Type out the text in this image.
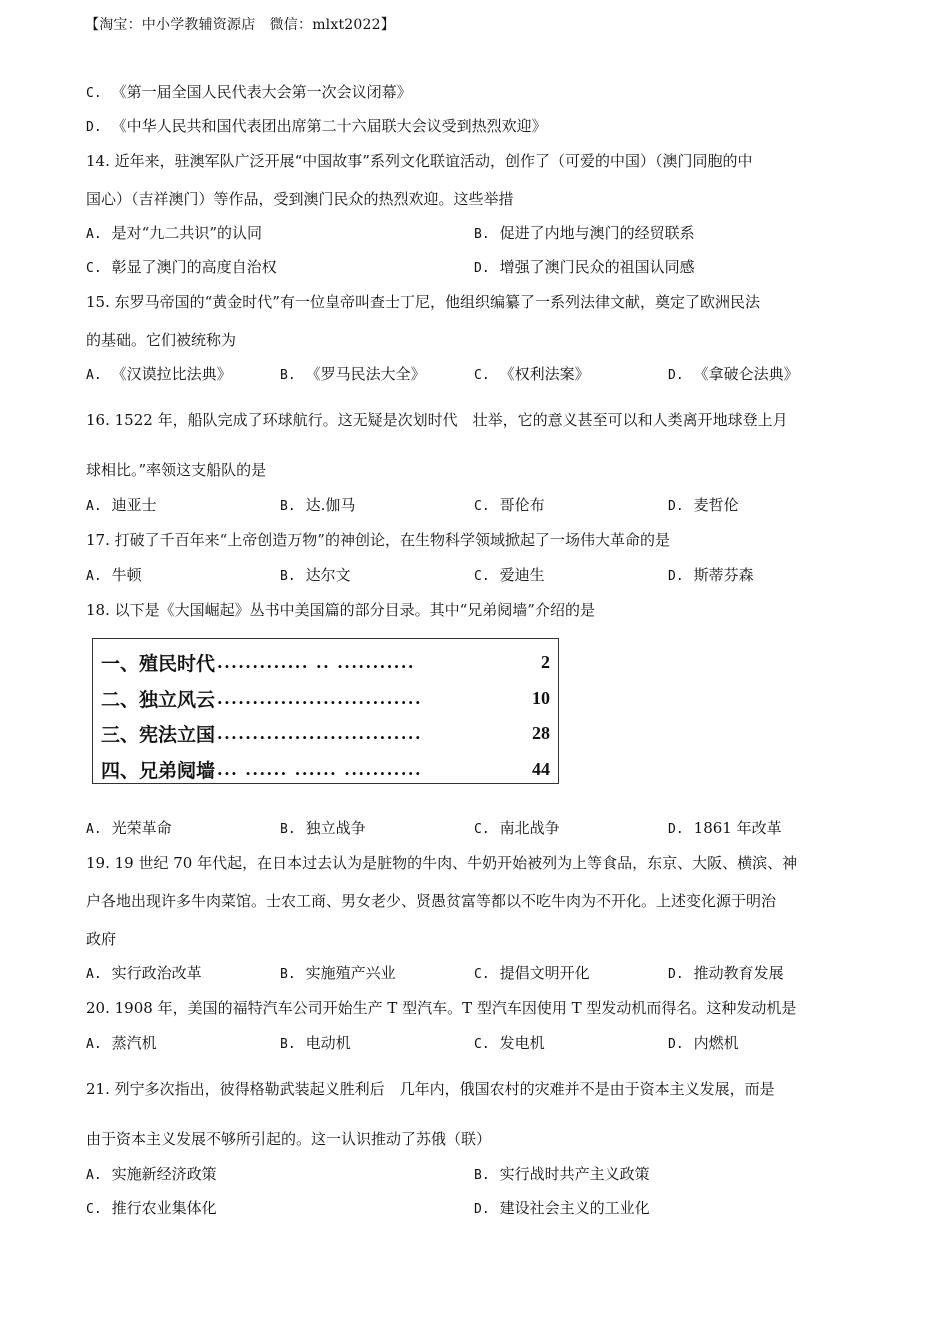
【淘宝：中小学教辅资源店　微信：mlxt2022】
C. 《第一届全国人民代表大会第一次会议闭幕》
D. 《中华人民共和国代表团出席第二十六届联大会议受到热烈欢迎》
14. 近年来，驻澳军队广泛开展“中国故事”系列文化联谊活动，创作了（可爱的中国）（澳门同胞的中
国心）（吉祥澳门）等作品，受到澳门民众的热烈欢迎。这些举措
A. 是对“九二共识”的认同	B. 促进了内地与澳门的经贸联系
C. 彰显了澳门的高度自治权	D. 增强了澳门民众的祖国认同感
15. 东罗马帝国的“黄金时代”有一位皇帝叫查士丁尼，他组织编纂了一系列法律文献，奠定了欧洲民法
的基础。它们被统称为
A. 《汉谟拉比法典》	B. 《罗马民法大全》	C. 《权利法案》	D. 《拿破仑法典》
16. 1522 年，船队完成了环球航行。这无疑是次划时代　壮举，它的意义甚至可以和人类离开地球登上月
球相比。”率领这支船队的是
A. 迪亚士	B. 达.伽马	C. 哥伦布	D. 麦哲伦
17. 打破了千百年来“上帝创造万物”的神创论，在生物科学领域掀起了一场伟大革命的是
A. 牛顿	B. 达尔文	C. 爱迪生	D. 斯蒂芬森
18. 以下是《大国崛起》丛书中美国篇的部分目录。其中“兄弟阋墙”介绍的是
一、殖民时代 ............. .. ...........	2
二、独立风云 .............................	10
三、宪法立国 .............................	28
四、兄弟阋墙 ... ...... ...... ...........	44
A. 光荣革命	B. 独立战争	C. 南北战争	D. 1861 年改革
19. 19 世纪 70 年代起，在日本过去认为是脏物的牛肉、牛奶开始被列为上等食品，东京、大阪、横滨、神
户各地出现许多牛肉菜馆。士农工商、男女老少、贤愚贫富等都以不吃牛肉为不开化。上述变化源于明治
政府
A. 实行政治改革	B. 实施殖产兴业	C. 提倡文明开化	D. 推动教育发展
20. 1908 年，美国的福特汽车公司开始生产 T 型汽车。T 型汽车因使用 T 型发动机而得名。这种发动机是
A. 蒸汽机	B. 电动机	C. 发电机	D. 内燃机
21. 列宁多次指出，彼得格勒武装起义胜利后　几年内，俄国农村的灾难并不是由于资本主义发展，而是
由于资本主义发展不够所引起的。这一认识推动了苏俄（联）
A. 实施新经济政策	B. 实行战时共产主义政策
C. 推行农业集体化	D. 建设社会主义的工业化
